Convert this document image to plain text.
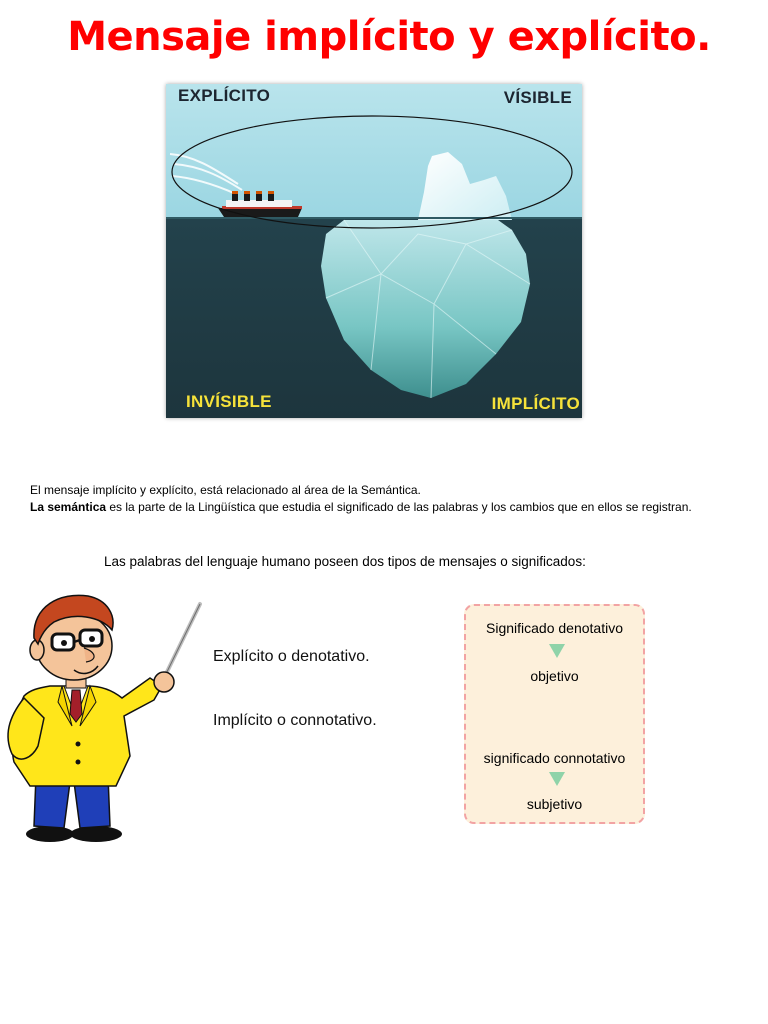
Mensaje implícito y explícito.
EXPLÍCITO	VÍSIBLE
INVÍSIBLE	IMPLÍCITO
El mensaje implícito y explícito, está relacionado al área de la Semántica.
La semántica es la parte de la Lingüística que estudia el significado de las palabras y los cambios que en ellos se registran.
Las palabras del lenguaje humano poseen dos tipos de mensajes o significados:
Explícito o denotativo.
Implícito o connotativo.
Significado denotativo
objetivo
significado connotativo
subjetivo
